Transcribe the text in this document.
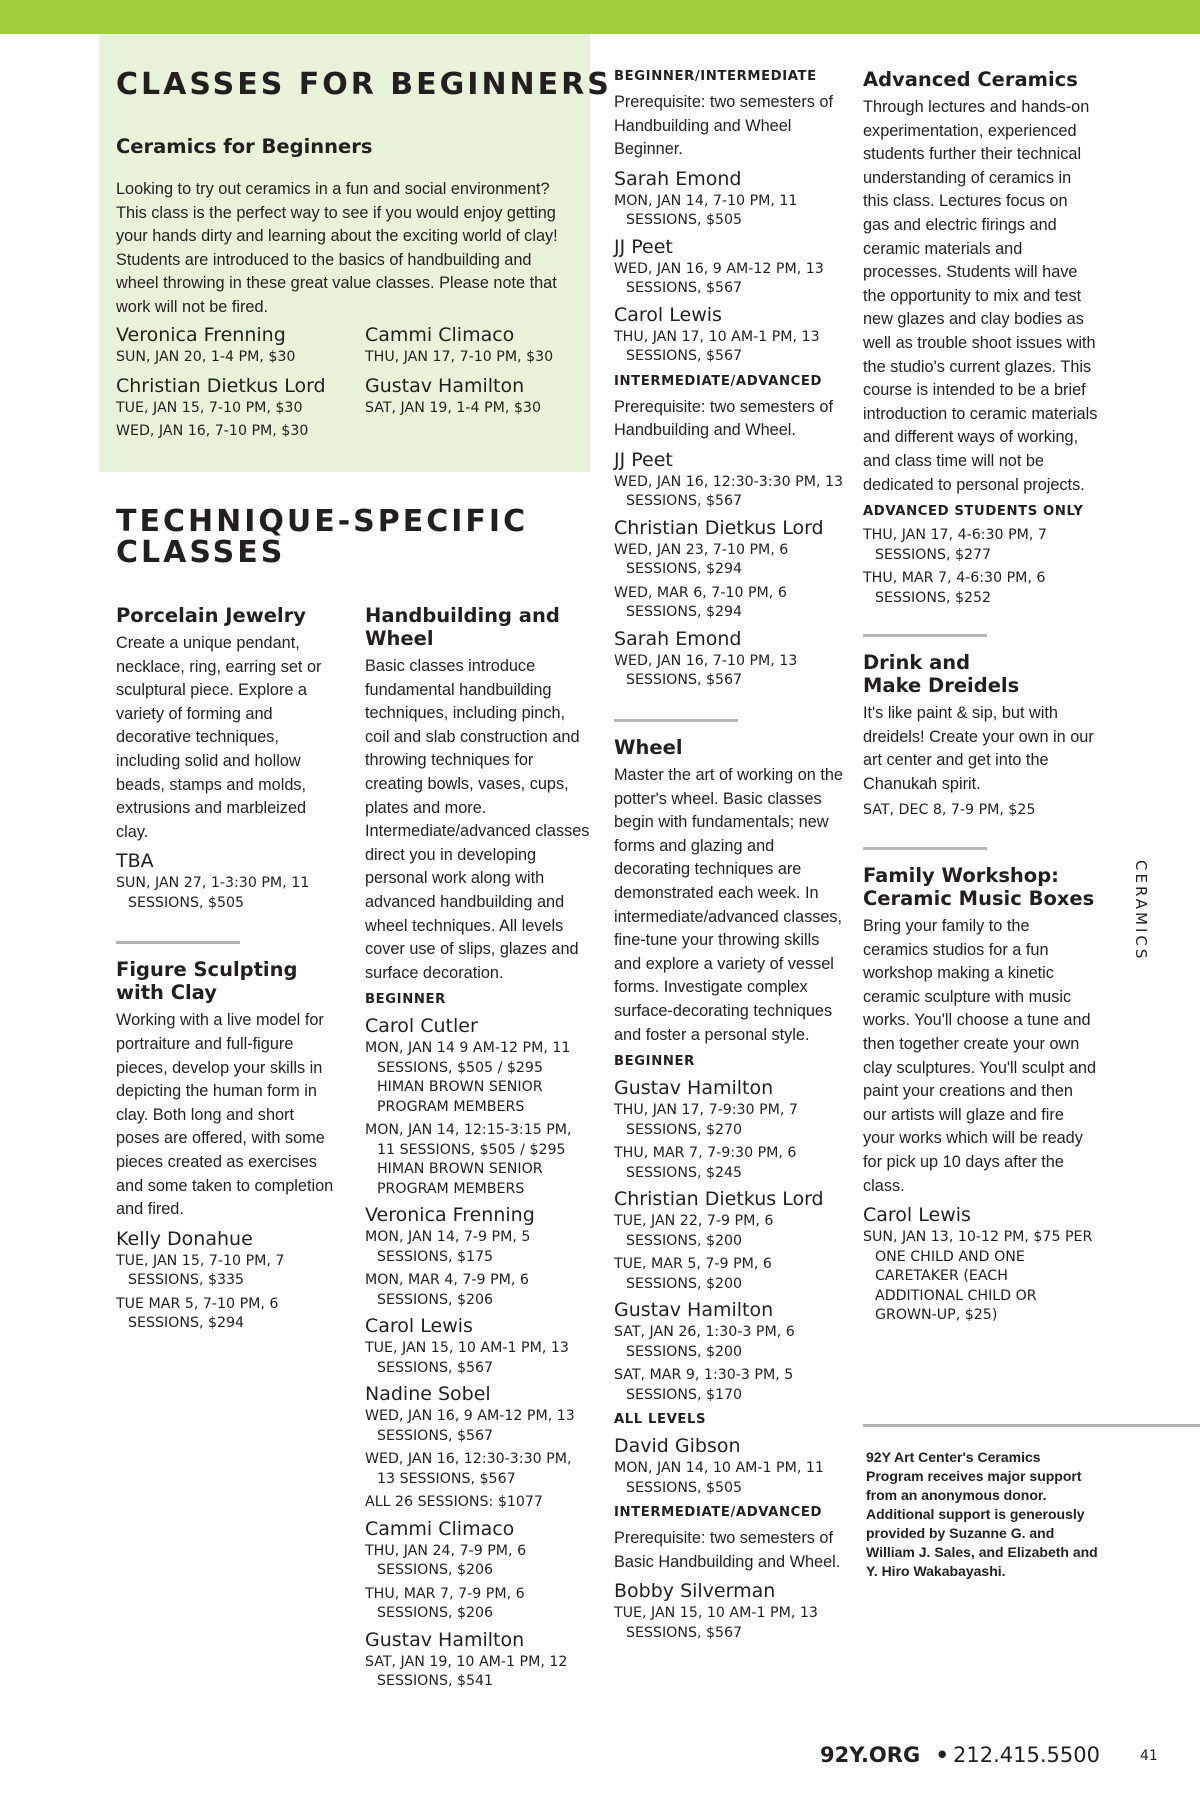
CLASSES FOR BEGINNERS
TECHNIQUE-SPECIFIC
CLASSES

Ceramics for Beginners

Looking to try out ceramics in a fun and social environment? This class is the perfect way to see if you would enjoy getting your hands dirty and learning about the exciting world of clay! Students are introduced to the basics of handbuilding and wheel throwing in these great value classes. Please note that work will not be fired.

Veronica Frenning

SUN, JAN 20, 1-4 PM, $30

Christian Dietkus Lord

TUE, JAN 15, 7-10 PM, $30

WED, JAN 16, 7-10 PM, $30

Cammi Climaco

THU, JAN 17, 7-10 PM, $30

Gustav Hamilton

SAT, JAN 19, 1-4 PM, $30

Porcelain Jewelry

Create a unique pendant, necklace, ring, earring set or sculptural piece. Explore a variety of forming and decorative techniques, including solid and hollow beads, stamps and molds, extrusions and marbleized clay.

TBA

SUN, JAN 27, 1-3:30 PM, 11 SESSIONS, $505

Figure Sculpting

with Clay

Working with a live model for portraiture and full-figure pieces, develop your skills in depicting the human form in clay. Both long and short poses are offered, with some pieces created as exercises and some taken to completion and fired.

Kelly Donahue

TUE, JAN 15, 7-10 PM, 7 SESSIONS, $335

TUE MAR 5, 7-10 PM, 6 SESSIONS, $294

Handbuilding and

Wheel

Basic classes introduce fundamental handbuilding techniques, including pinch, coil and slab construction and throwing techniques for creating bowls, vases, cups, plates and more. Intermediate/advanced classes direct you in developing personal work along with advanced handbuilding and wheel techniques. All levels cover use of slips, glazes and surface decoration.

BEGINNER

Carol Cutler

MON, JAN 14 9 AM-12 PM, 11 SESSIONS, $505 / $295 HIMAN BROWN SENIOR PROGRAM MEMBERS

MON, JAN 14, 12:15-3:15 PM, 11 SESSIONS, $505 / $295 HIMAN BROWN SENIOR PROGRAM MEMBERS

Veronica Frenning

MON, JAN 14, 7-9 PM, 5 SESSIONS, $175

MON, MAR 4, 7-9 PM, 6 SESSIONS, $206

Carol Lewis

TUE, JAN 15, 10 AM-1 PM, 13 SESSIONS, $567

Nadine Sobel

WED, JAN 16, 9 AM-12 PM, 13 SESSIONS, $567

WED, JAN 16, 12:30-3:30 PM, 13 SESSIONS, $567

ALL 26 SESSIONS: $1077

Cammi Climaco

THU, JAN 24, 7-9 PM, 6 SESSIONS, $206

THU, MAR 7, 7-9 PM, 6 SESSIONS, $206

Gustav Hamilton

SAT, JAN 19, 10 AM-1 PM, 12 SESSIONS, $541

BEGINNER/INTERMEDIATE

Prerequisite: two semesters of Handbuilding and Wheel Beginner.

Sarah Emond

MON, JAN 14, 7-10 PM, 11 SESSIONS, $505

JJ Peet

WED, JAN 16, 9 AM-12 PM, 13 SESSIONS, $567

Carol Lewis

THU, JAN 17, 10 AM-1 PM, 13 SESSIONS, $567

INTERMEDIATE/ADVANCED

Prerequisite: two semesters of Handbuilding and Wheel.

JJ Peet

WED, JAN 16, 12:30-3:30 PM, 13 SESSIONS, $567

Christian Dietkus Lord

WED, JAN 23, 7-10 PM, 6 SESSIONS, $294

WED, MAR 6, 7-10 PM, 6 SESSIONS, $294

Sarah Emond

WED, JAN 16, 7-10 PM, 13 SESSIONS, $567

Wheel

Master the art of working on the potter's wheel. Basic classes begin with fundamentals; new forms and glazing and decorating techniques are demonstrated each week. In intermediate/advanced classes, fine-tune your throwing skills and explore a variety of vessel forms. Investigate complex surface-decorating techniques and foster a personal style.

BEGINNER

Gustav Hamilton

THU, JAN 17, 7-9:30 PM, 7 SESSIONS, $270

THU, MAR 7, 7-9:30 PM, 6 SESSIONS, $245

Christian Dietkus Lord

TUE, JAN 22, 7-9 PM, 6 SESSIONS, $200

TUE, MAR 5, 7-9 PM, 6 SESSIONS, $200

Gustav Hamilton

SAT, JAN 26, 1:30-3 PM, 6 SESSIONS, $200

SAT, MAR 9, 1:30-3 PM, 5 SESSIONS, $170

ALL LEVELS

David Gibson

MON, JAN 14, 10 AM-1 PM, 11 SESSIONS, $505

INTERMEDIATE/ADVANCED

Prerequisite: two semesters of Basic Handbuilding and Wheel.

Bobby Silverman

TUE, JAN 15, 10 AM-1 PM, 13 SESSIONS, $567

Advanced Ceramics

Through lectures and hands-on experimentation, experienced students further their technical understanding of ceramics in this class. Lectures focus on gas and electric firings and ceramic materials and processes. Students will have the opportunity to mix and test new glazes and clay bodies as well as trouble shoot issues with the studio's current glazes. This course is intended to be a brief introduction to ceramic materials and different ways of working, and class time will not be dedicated to personal projects.

ADVANCED STUDENTS ONLY

THU, JAN 17, 4-6:30 PM, 7 SESSIONS, $277

THU, MAR 7, 4-6:30 PM, 6 SESSIONS, $252

Drink and

Make Dreidels

It's like paint & sip, but with dreidels! Create your own in our art center and get into the Chanukah spirit.

SAT, DEC 8, 7-9 PM, $25

Family Workshop:

Ceramic Music Boxes

Bring your family to the ceramics studios for a fun workshop making a kinetic ceramic sculpture with music works. You'll choose a tune and then together create your own clay sculptures. You'll sculpt and paint your creations and then our artists will glaze and fire your works which will be ready for pick up 10 days after the class.

Carol Lewis

SUN, JAN 13, 10-12 PM, $75 PER ONE CHILD AND ONE CARETAKER (EACH ADDITIONAL CHILD OR GROWN-UP, $25)

CERAMICS
92Y Art Center's Ceramics Program receives major support from an anonymous donor. Additional support is generously provided by Suzanne G. and William J. Sales, and Elizabeth and Y. Hiro Wakabayashi.
92Y.ORG • 212.415.5500	41
